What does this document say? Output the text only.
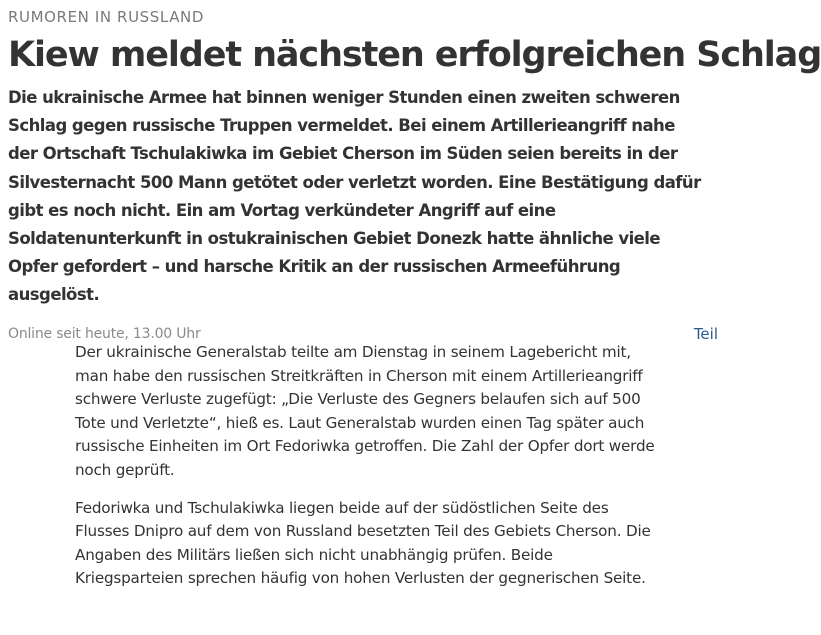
RUMOREN IN RUSSLAND
Kiew meldet nächsten erfolgreichen Schlag

Die ukrainische Armee hat binnen weniger Stunden einen zweiten schweren Schlag gegen russische Truppen vermeldet. Bei einem Artillerieangriff nahe der Ortschaft Tschulakiwka im Gebiet Cherson im Süden seien bereits in der Silvesternacht 500 Mann getötet oder verletzt worden. Eine Bestätigung dafür gibt es noch nicht. Ein am Vortag verkündeter Angriff auf eine Soldatenunterkunft in ostukrainischen Gebiet Donezk hatte ähnliche viele Opfer gefordert – und harsche Kritik an der russischen Armeeführung ausgelöst.

Online seit heute, 13.00 Uhr	Teil

Der ukrainische Generalstab teilte am Dienstag in seinem Lagebericht mit, man habe den russischen Streitkräften in Cherson mit einem Artillerieangriff schwere Verluste zugefügt: „Die Verluste des Gegners belaufen sich auf 500 Tote und Verletzte“, hieß es. Laut Generalstab wurden einen Tag später auch russische Einheiten im Ort Fedoriwka getroffen. Die Zahl der Opfer dort werde noch geprüft.

Fedoriwka und Tschulakiwka liegen beide auf der südöstlichen Seite des Flusses Dnipro auf dem von Russland besetzten Teil des Gebiets Cherson. Die Angaben des Militärs ließen sich nicht unabhängig prüfen. Beide Kriegsparteien sprechen häufig von hohen Verlusten der gegnerischen Seite.
